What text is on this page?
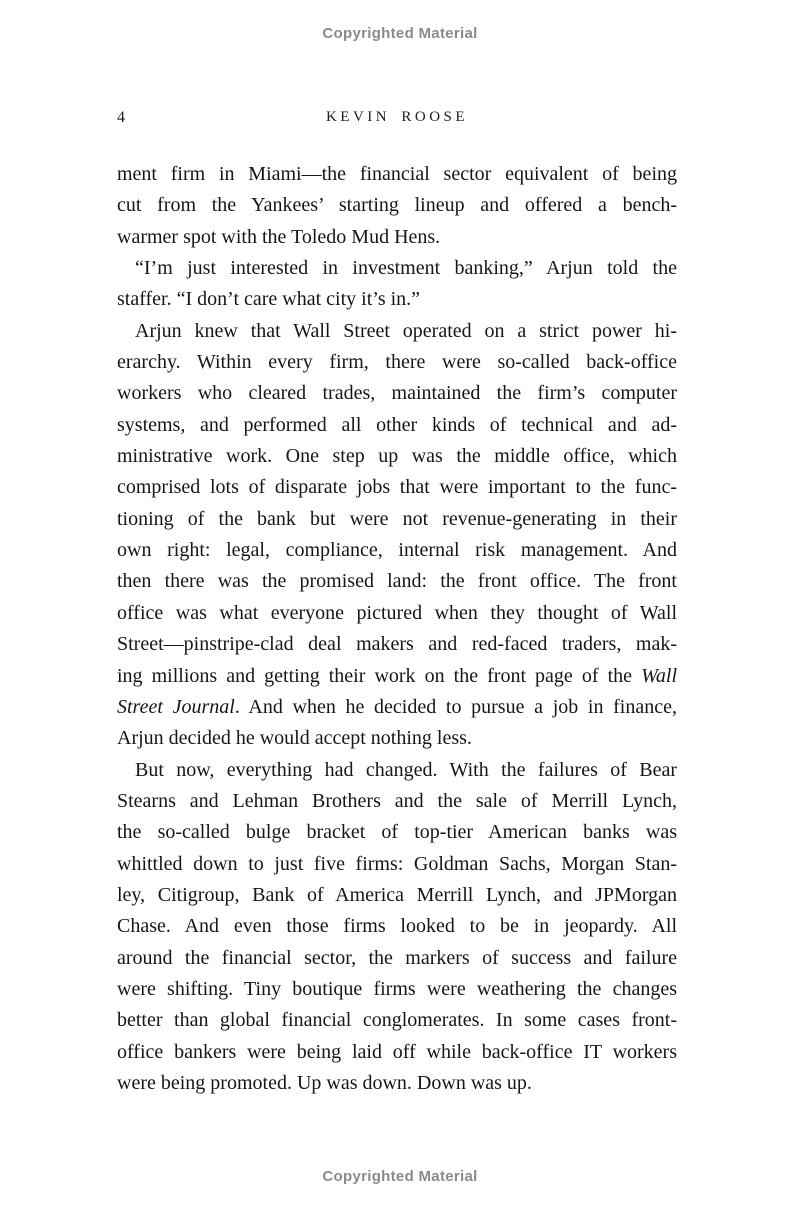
Copyrighted Material
4	KEVIN ROOSE
ment firm in Miami—the financial sector equivalent of being
cut from the Yankees’ starting lineup and offered a bench-
warmer spot with the Toledo Mud Hens.
“I’m just interested in investment banking,” Arjun told the
staffer. “I don’t care what city it’s in.”
Arjun knew that Wall Street operated on a strict power hi-
erarchy. Within every firm, there were so-called back-office
workers who cleared trades, maintained the firm’s computer
systems, and performed all other kinds of technical and ad-
ministrative work. One step up was the middle office, which
comprised lots of disparate jobs that were important to the func-
tioning of the bank but were not revenue-generating in their
own right: legal, compliance, internal risk management. And
then there was the promised land: the front office. The front
office was what everyone pictured when they thought of Wall
Street—pinstripe-clad deal makers and red-faced traders, mak-
ing millions and getting their work on the front page of the Wall
Street Journal. And when he decided to pursue a job in finance,
Arjun decided he would accept nothing less.
But now, everything had changed. With the failures of Bear
Stearns and Lehman Brothers and the sale of Merrill Lynch,
the so-called bulge bracket of top-tier American banks was
whittled down to just five firms: Goldman Sachs, Morgan Stan-
ley, Citigroup, Bank of America Merrill Lynch, and JPMorgan
Chase. And even those firms looked to be in jeopardy. All
around the financial sector, the markers of success and failure
were shifting. Tiny boutique firms were weathering the changes
better than global financial conglomerates. In some cases front-
office bankers were being laid off while back-office IT workers
were being promoted. Up was down. Down was up.
Copyrighted Material
